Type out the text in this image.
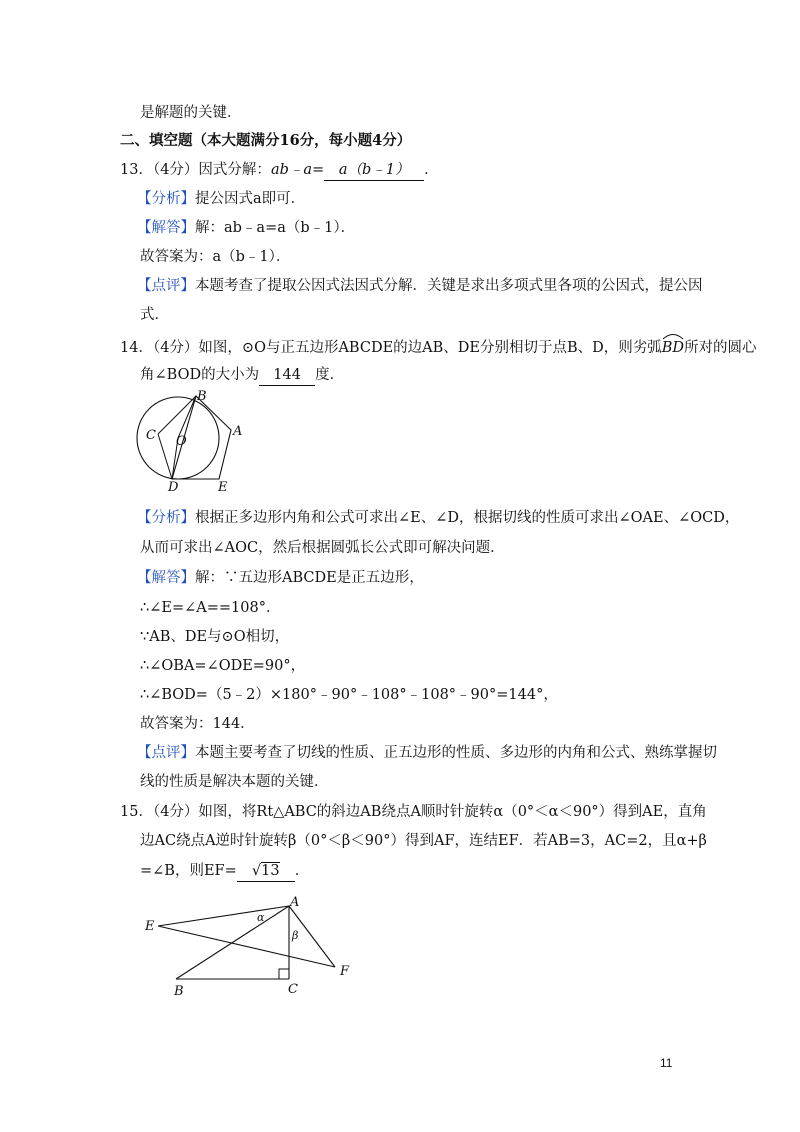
是解题的关键．
二、填空题（本大题满分16分，每小题4分）
13．（4分）因式分解：ab﹣a= a（b﹣1） ．
【分析】提公因式a即可．
【解答】解：ab﹣a=a（b﹣1）．
故答案为：a（b﹣1）．
【点评】本题考查了提取公因式法因式分解．关键是求出多项式里各项的公因式，提公因
式．
14．（4分）如图，⊙O与正五边形ABCDE的边AB、DE分别相切于点B、D，则劣弧
BD所对的圆心
角∠BOD的大小为 144 度．
B
C O
A
D	E
【分析】根据正多边形内角和公式可求出∠E、∠D，根据切线的性质可求出∠OAE、∠OCD，
从而可求出∠AOC，然后根据圆弧长公式即可解决问题．
【解答】解：∵五边形ABCDE是正五边形，
∴∠E=∠A==108°．
∵AB、DE与⊙O相切，
∴∠OBA=∠ODE=90°，
∴∠BOD=（5﹣2）×180°﹣90°﹣108°﹣108°﹣90°=144°，
故答案为：144．
【点评】本题主要考查了切线的性质、正五边形的性质、多边形的内角和公式、熟练掌握切
线的性质是解决本题的关键．
15．（4分）如图，将Rt△ABC的斜边AB绕点A顺时针旋转α（0°＜α＜90°）得到AE，直角
边AC绕点A逆时针旋转β（0°＜β＜90°）得到AF，连结EF．若AB=3，AC=2，且α+β
=∠B，则EF= √13 ．
E
A
α
β
F
B	C
11
